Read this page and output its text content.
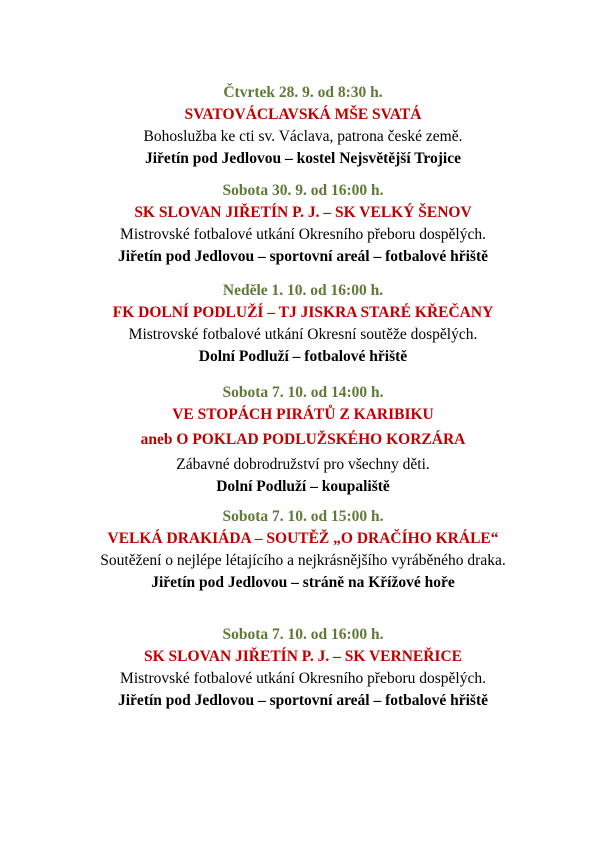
Čtvrtek 28. 9. od 8:30 h.
SVATOVÁCLAVSKÁ MŠE SVATÁ
Bohoslužba ke cti sv. Václava, patrona české země.
Jiřetín pod Jedlovou – kostel Nejsvětější Trojice
Sobota 30. 9. od 16:00 h.
SK SLOVAN JIŘETÍN P. J. – SK VELKÝ ŠENOV
Mistrovské fotbalové utkání Okresního přeboru dospělých.
Jiřetín pod Jedlovou – sportovní areál – fotbalové hřiště
Neděle 1. 10. od 16:00 h.
FK DOLNÍ PODLUŽÍ – TJ JISKRA STARÉ KŘEČANY
Mistrovské fotbalové utkání Okresní soutěže dospělých.
Dolní Podluží – fotbalové hřiště
Sobota 7. 10. od 14:00 h.
VE STOPÁCH PIRÁTŮ Z KARIBIKU
aneb O POKLAD PODLUŽSKÉHO KORZÁRA
Zábavné dobrodružství pro všechny děti.
Dolní Podluží – koupaliště
Sobota 7. 10. od 15:00 h.
VELKÁ DRAKIÁDA – SOUTĚŽ „O DRAČÍHO KRÁLE“
Soutěžení o nejlépe létajícího a nejkrásnějšího vyráběného draka.
Jiřetín pod Jedlovou – stráně na Křížové hoře
Sobota 7. 10. od 16:00 h.
SK SLOVAN JIŘETÍN P. J. – SK VERNEŘICE
Mistrovské fotbalové utkání Okresního přeboru dospělých.
Jiřetín pod Jedlovou – sportovní areál – fotbalové hřiště
